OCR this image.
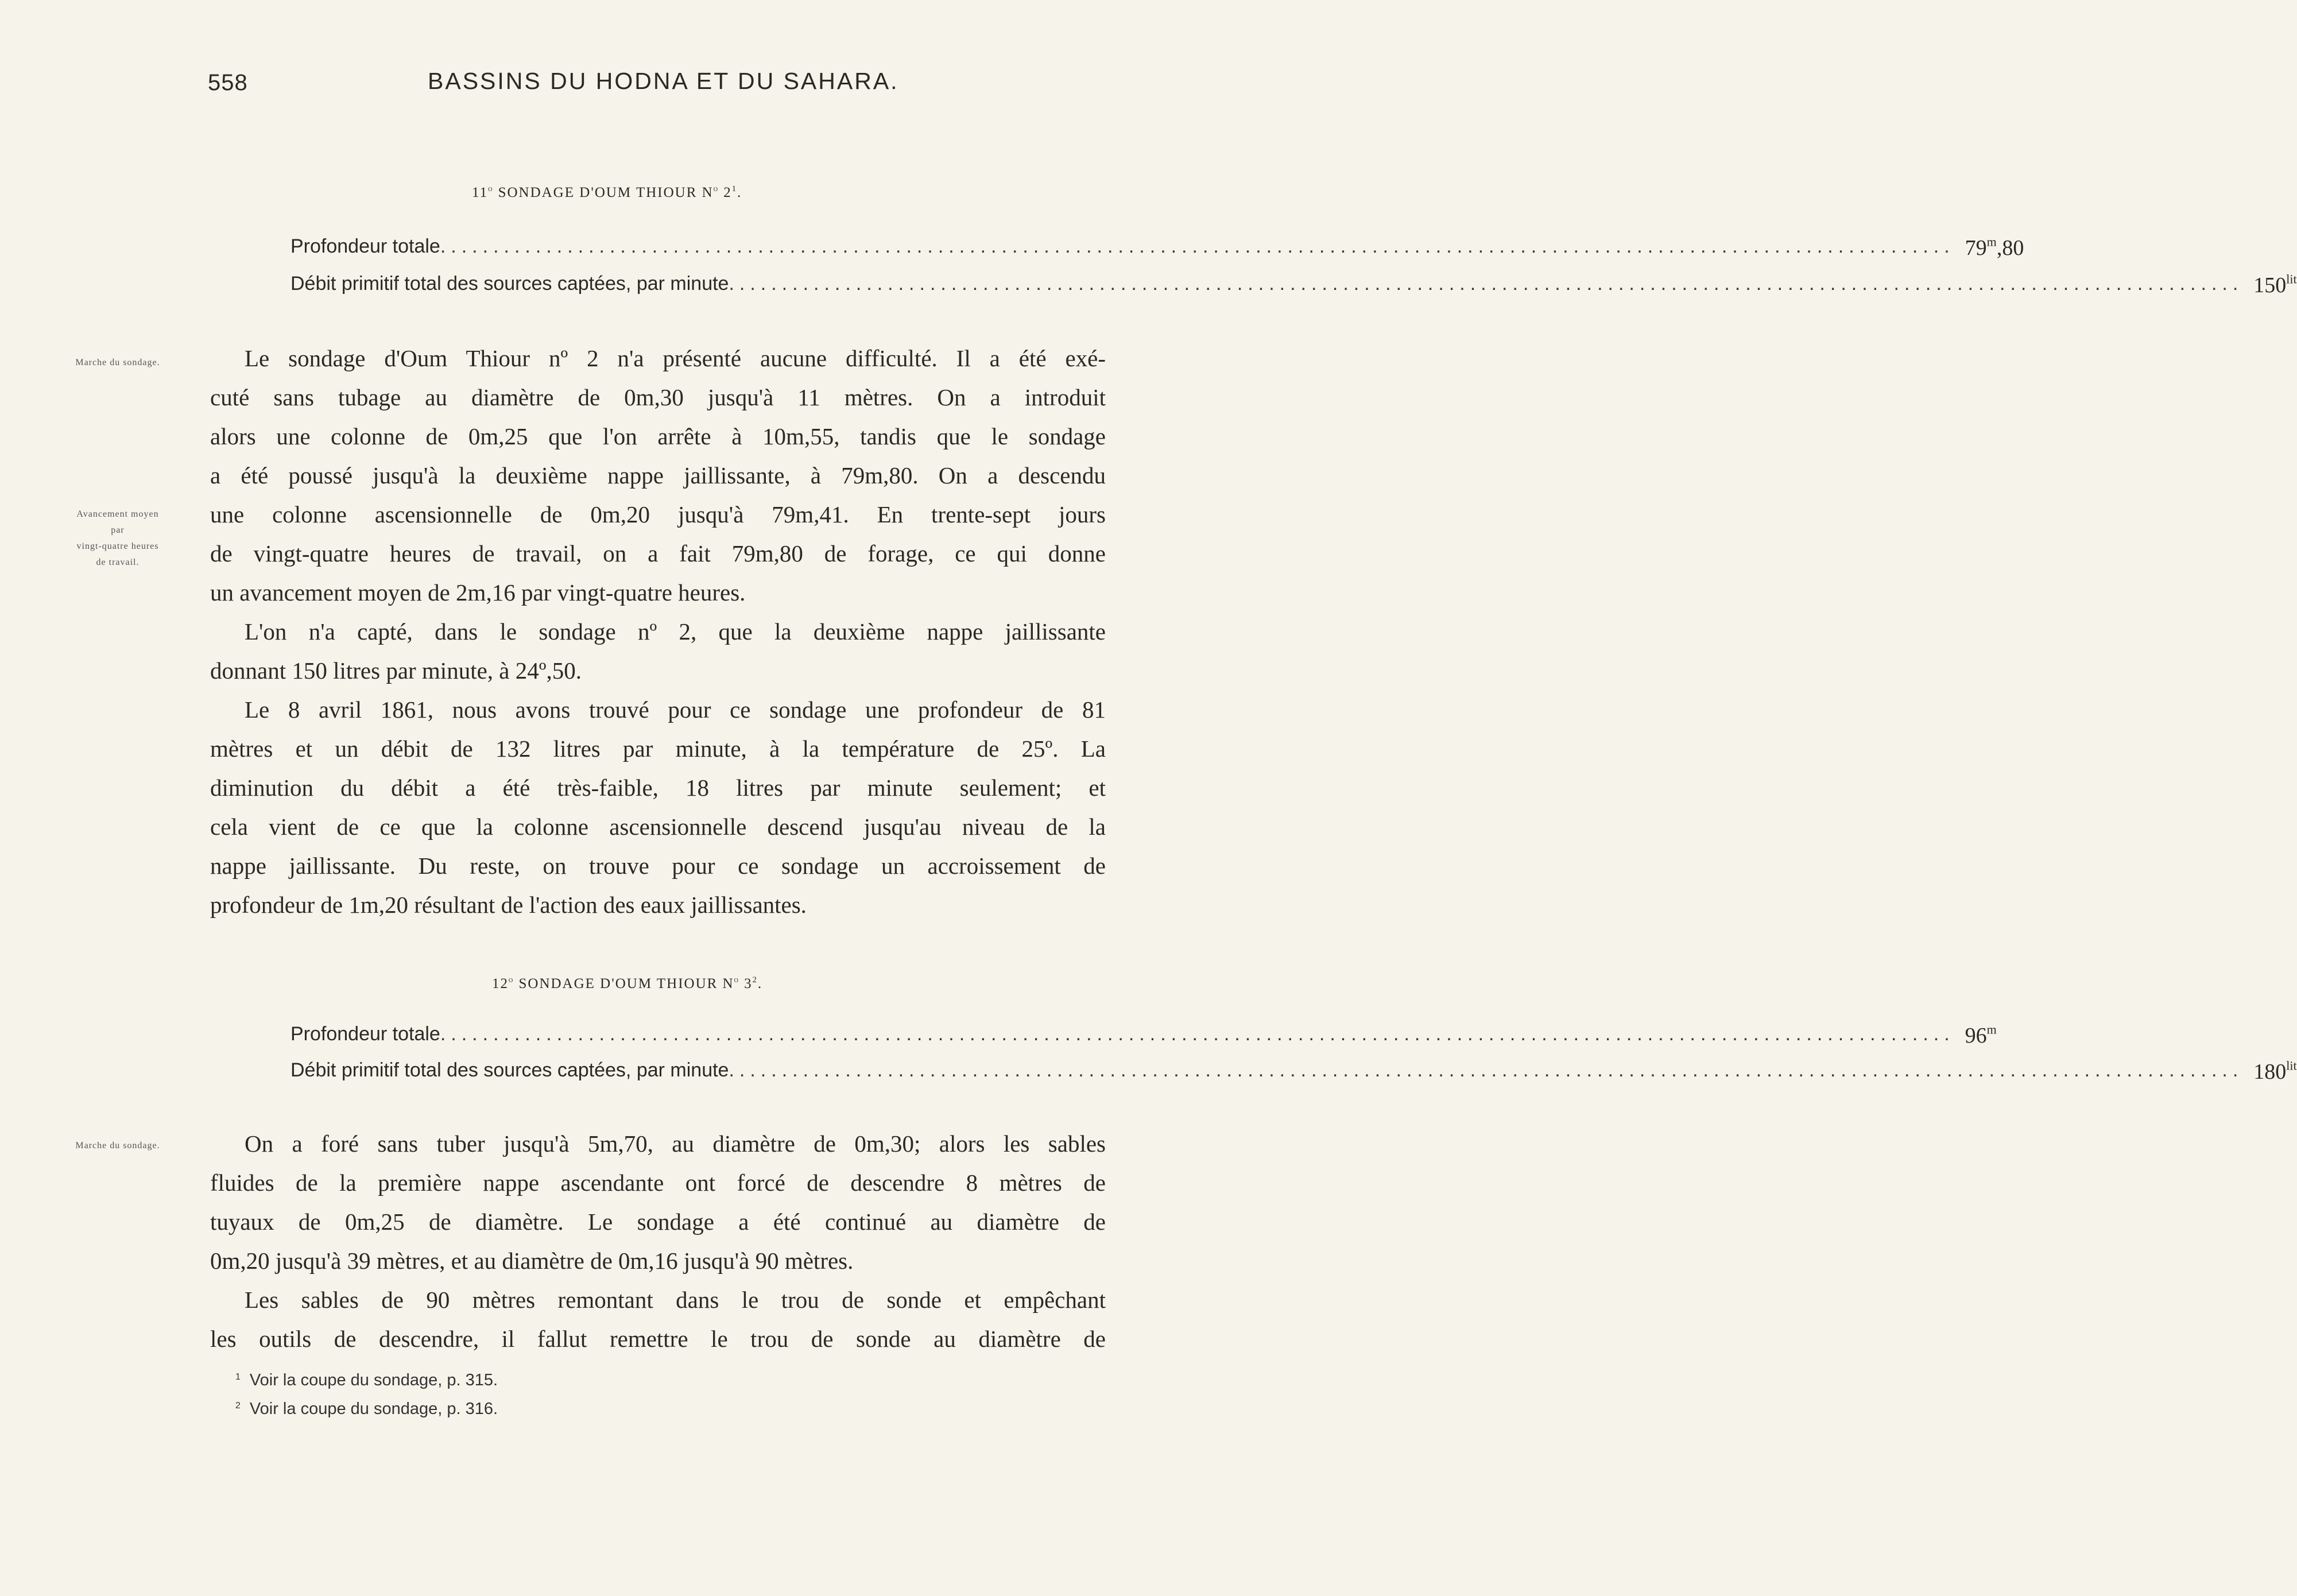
558	BASSINS DU HODNA ET DU SAHARA.
11$^o$ SONDAGE D'OUM THIOUR $N^o$ $2^1$.
Profondeur totale ............................................................................................................................................... 79$^m$,80
Débit primitif total des sources captées, par minute ............................................................................................................................................... $150^{lit}$
Marche du sondage.
Avancement moyen
par
vingt-quatre heures
de travail.
Marche du sondage.
Le sondage d'Oum Thiour nº 2 n'a présenté aucune difficulté. Il a été exé-
cuté sans tubage au diamètre de 0m,30 jusqu'à 11 mètres. On a introduit
alors une colonne de 0m,25 que l'on arrête à 10m,55, tandis que le sondage
a été poussé jusqu'à la deuxième nappe jaillissante, à 79m,80. On a descendu
une colonne ascensionnelle de 0m,20 jusqu'à 79m,41. En trente-sept jours
de vingt-quatre heures de travail, on a fait 79m,80 de forage, ce qui donne
un avancement moyen de 2m,16 par vingt-quatre heures.
L'on n'a capté, dans le sondage nº 2, que la deuxième nappe jaillissante
donnant 150 litres par minute, à 24º,50.
Le 8 avril 1861, nous avons trouvé pour ce sondage une profondeur de 81
mètres et un débit de 132 litres par minute, à la température de 25º. La
diminution du débit a été très-faible, 18 litres par minute seulement; et
cela vient de ce que la colonne ascensionnelle descend jusqu'au niveau de la
nappe jaillissante. Du reste, on trouve pour ce sondage un accroissement de
profondeur de 1m,20 résultant de l'action des eaux jaillissantes.
12$^o$ SONDAGE D'OUM THIOUR $N^o$ $3^2$.
Profondeur totale ............................................................................................................................................... 96$^m$
Débit primitif total des sources captées, par minute ............................................................................................................................................... $180^{lit}$
On a foré sans tuber jusqu'à 5m,70, au diamètre de 0m,30; alors les sables
fluides de la première nappe ascendante ont forcé de descendre 8 mètres de
tuyaux de 0m,25 de diamètre. Le sondage a été continué au diamètre de
0m,20 jusqu'à 39 mètres, et au diamètre de 0m,16 jusqu'à 90 mètres.
Les sables de 90 mètres remontant dans le trou de sonde et empêchant
les outils de descendre, il fallut remettre le trou de sonde au diamètre de
$^1$ Voir la coupe du sondage, p. 315.
$^2$ Voir la coupe du sondage, p. 316.
